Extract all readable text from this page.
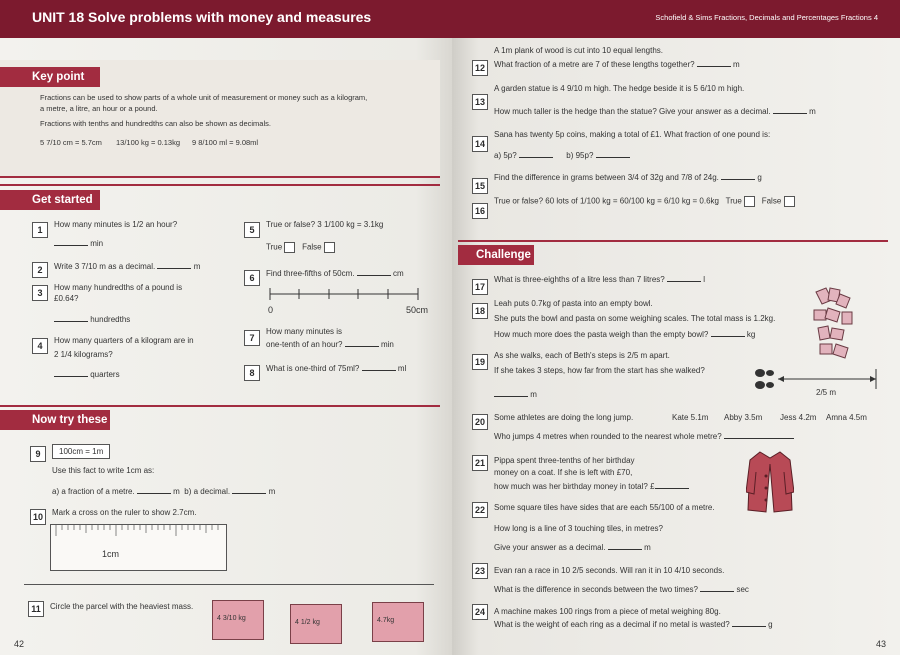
UNIT 18 Solve problems with money and measures
Key point
Fractions can be used to show parts of a whole unit of measurement or money such as a kilogram,
a metre, a litre, an hour or a pound.
Fractions with tenths and hundredths can also be shown as decimals.
5 7/10 cm = 5.7cm 13/100 kg = 0.13kg 9 8/100 ml = 9.08ml
Get started
1
How many minutes is 1/2 an hour?
min
2	Write 3 7/10 m as a decimal.	m
3
How many hundredths of a pound is
£0.64?
hundredths
4
How many quarters of a kilogram are in
2 1/4 kilograms?
quarters
5
True or false? 3 1/100 kg = 3.1kg
True False
6	Find three-fifths of 50cm.	cm
0	50cm
7
How many minutes is
one-tenth of an hour?	min
8	What is one-third of 75ml?	ml
Now try these
9	100cm = 1m
Use this fact to write 1cm as:
a) a fraction of a metre.	m b) a decimal.	m
10	Mark a cross on the ruler to show 2.7cm.
1cm
11	Circle the parcel with the heaviest mass.
4 3/10 kg
4 1/2 kg	4.7kg
42
Schofield & Sims Fractions, Decimals and Percentages Fractions 4
12
A 1m plank of wood is cut into 10 equal lengths.
What fraction of a metre are 7 of these lengths together?	m
13
A garden statue is 4 9/10 m high. The hedge beside it is 5 6/10 m high.
How much taller is the hedge than the statue? Give your answer as a decimal.	m
14
Sana has twenty 5p coins, making a total of £1. What fraction of one pound is:
a) 5p?	b) 95p?
15
Find the difference in grams between 3/4 of 32g and 7/8 of 24g.	g
16
True or false? 60 lots of 1/100 kg = 60/100 kg = 6/10 kg = 0.6kg True False
Challenge
17
What is three-eighths of a litre less than 7 litres?	l
18
Leah puts 0.7kg of pasta into an empty bowl.
She puts the bowl and pasta on some weighing scales. The total mass is 1.2kg.
How much more does the pasta weigh than the empty bowl?	kg
19
As she walks, each of Beth's steps is 2/5 m apart.
If she takes 3 steps, how far from the start has she walked?
m	2/5 m
20	Some athletes are doing the long jump.	Kate 5.1m Abby 3.5m Jess 4.2m Amna 4.5m
Who jumps 4 metres when rounded to the nearest whole metre?
21	Pippa spent three-tenths of her birthday
money on a coat. If she is left with £70,
how much was her birthday money in total? £
22	Some square tiles have sides that are each 55/100 of a metre.
How long is a line of 3 touching tiles, in metres?
Give your answer as a decimal.	m
23	Evan ran a race in 10 2/5 seconds. Will ran it in 10 4/10 seconds.
What is the difference in seconds between the two times?	sec
24	A machine makes 100 rings from a piece of metal weighing 80g.
What is the weight of each ring as a decimal if no metal is wasted?	g
43
